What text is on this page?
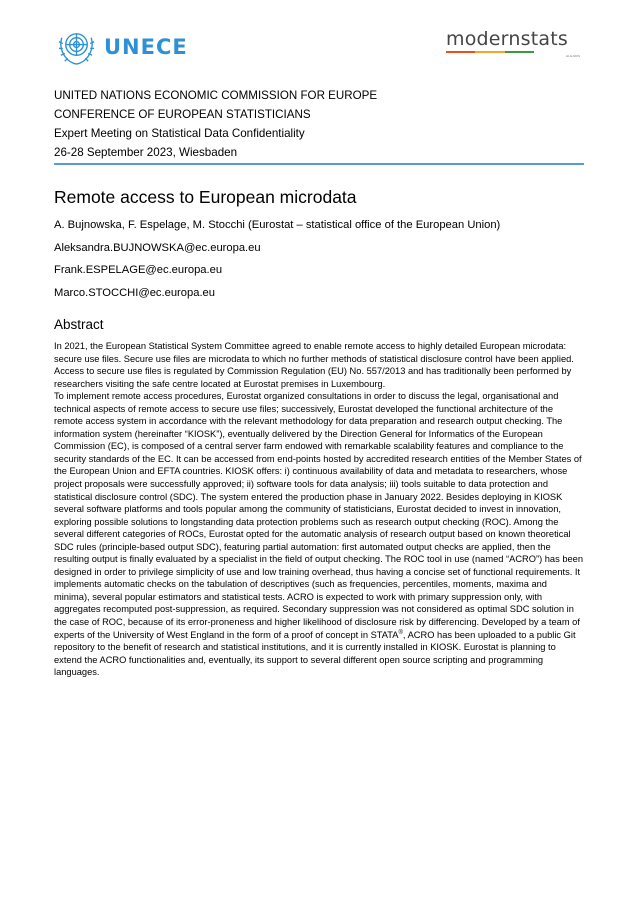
UNECE	modernstats
HLG-MOS
UNITED NATIONS ECONOMIC COMMISSION FOR EUROPE
CONFERENCE OF EUROPEAN STATISTICIANS
Expert Meeting on Statistical Data Confidentiality
26-28 September 2023, Wiesbaden
Remote access to European microdata
A. Bujnowska, F. Espelage, M. Stocchi (Eurostat – statistical office of the European Union)
Aleksandra.BUJNOWSKA@ec.europa.eu
Frank.ESPELAGE@ec.europa.eu
Marco.STOCCHI@ec.europa.eu
Abstract

In 2021, the European Statistical System Committee agreed to enable remote access to highly detailed European microdata: secure use files. Secure use files are microdata to which no further methods of statistical disclosure control have been applied. Access to secure use files is regulated by Commission Regulation (EU) No. 557/2013 and has traditionally been performed by researchers visiting the safe centre located at Eurostat premises in Luxembourg.

To implement remote access procedures, Eurostat organized consultations in order to discuss the legal, organisational and technical aspects of remote access to secure use files; successively, Eurostat developed the functional architecture of the remote access system in accordance with the relevant methodology for data preparation and research output checking. The information system (hereinafter “KIOSK”), eventually delivered by the Direction General for Informatics of the European Commission (EC), is composed of a central server farm endowed with remarkable scalability features and compliance to the security standards of the EC. It can be accessed from end-points hosted by accredited research entities of the Member States of the European Union and EFTA countries. KIOSK offers: i) continuous availability of data and metadata to researchers, whose project proposals were successfully approved; ii) software tools for data analysis; iii) tools suitable to data protection and statistical disclosure control (SDC). The system entered the production phase in January 2022. Besides deploying in KIOSK several software platforms and tools popular among the community of statisticians, Eurostat decided to invest in innovation, exploring possible solutions to longstanding data protection problems such as research output checking (ROC). Among the several different categories of ROCs, Eurostat opted for the automatic analysis of research output based on known theoretical SDC rules (principle-based output SDC), featuring partial automation: first automated output checks are applied, then the resulting output is finally evaluated by a specialist in the field of output checking. The ROC tool in use (named “ACRO”) has been designed in order to privilege simplicity of use and low training overhead, thus having a concise set of functional requirements. It implements automatic checks on the tabulation of descriptives (such as frequencies, percentiles, moments, maxima and minima), several popular estimators and statistical tests. ACRO is expected to work with primary suppression only, with aggregates recomputed post-suppression, as required. Secondary suppression was not considered as optimal SDC solution in the case of ROC, because of its error-proneness and higher likelihood of disclosure risk by differencing. Developed by a team of experts of the University of West England in the form of a proof of concept in STATA®, ACRO has been uploaded to a public Git repository to the benefit of research and statistical institutions, and it is currently installed in KIOSK. Eurostat is planning to extend the ACRO functionalities and, eventually, its support to several different open source scripting and programming languages.
